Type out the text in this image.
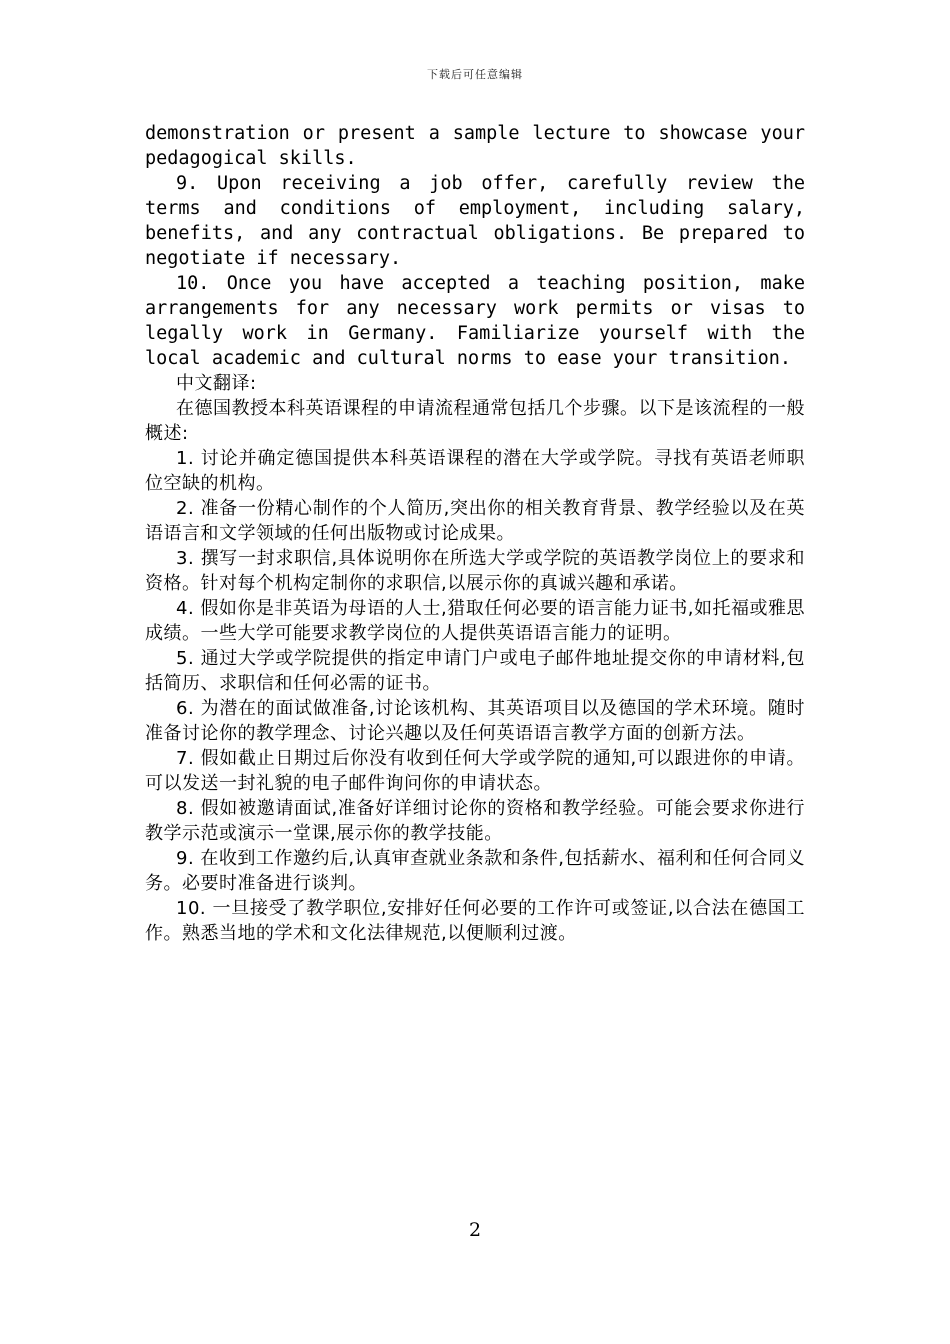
下载后可任意编辑

demonstration or present a sample lecture to showcase your pedagogical skills.

9. Upon receiving a job offer, carefully review the terms and conditions of employment, including salary, benefits, and any contractual obligations. Be prepared to negotiate if necessary.

10. Once you have accepted a teaching position, make arrangements for any necessary work permits or visas to legally work in Germany. Familiarize yourself with the local academic and cultural norms to ease your transition.

中文翻译:

在德国教授本科英语课程的申请流程通常包括几个步骤。以下是该流程的一般概述:

1. 讨论并确定德国提供本科英语课程的潜在大学或学院。寻找有英语老师职位空缺的机构。

2. 准备一份精心制作的个人简历,突出你的相关教育背景、教学经验以及在英语语言和文学领域的任何出版物或讨论成果。

3. 撰写一封求职信,具体说明你在所选大学或学院的英语教学岗位上的要求和资格。针对每个机构定制你的求职信,以展示你的真诚兴趣和承诺。

4. 假如你是非英语为母语的人士,猎取任何必要的语言能力证书,如托福或雅思成绩。一些大学可能要求教学岗位的人提供英语语言能力的证明。

5. 通过大学或学院提供的指定申请门户或电子邮件地址提交你的申请材料,包括简历、求职信和任何必需的证书。

6. 为潜在的面试做准备,讨论该机构、其英语项目以及德国的学术环境。随时准备讨论你的教学理念、讨论兴趣以及任何英语语言教学方面的创新方法。

7. 假如截止日期过后你没有收到任何大学或学院的通知,可以跟进你的申请。可以发送一封礼貌的电子邮件询问你的申请状态。

8. 假如被邀请面试,准备好详细讨论你的资格和教学经验。可能会要求你进行教学示范或演示一堂课,展示你的教学技能。

9. 在收到工作邀约后,认真审查就业条款和条件,包括薪水、福利和任何合同义务。必要时准备进行谈判。

10. 一旦接受了教学职位,安排好任何必要的工作许可或签证,以合法在德国工作。熟悉当地的学术和文化法律规范,以便顺利过渡。

2
